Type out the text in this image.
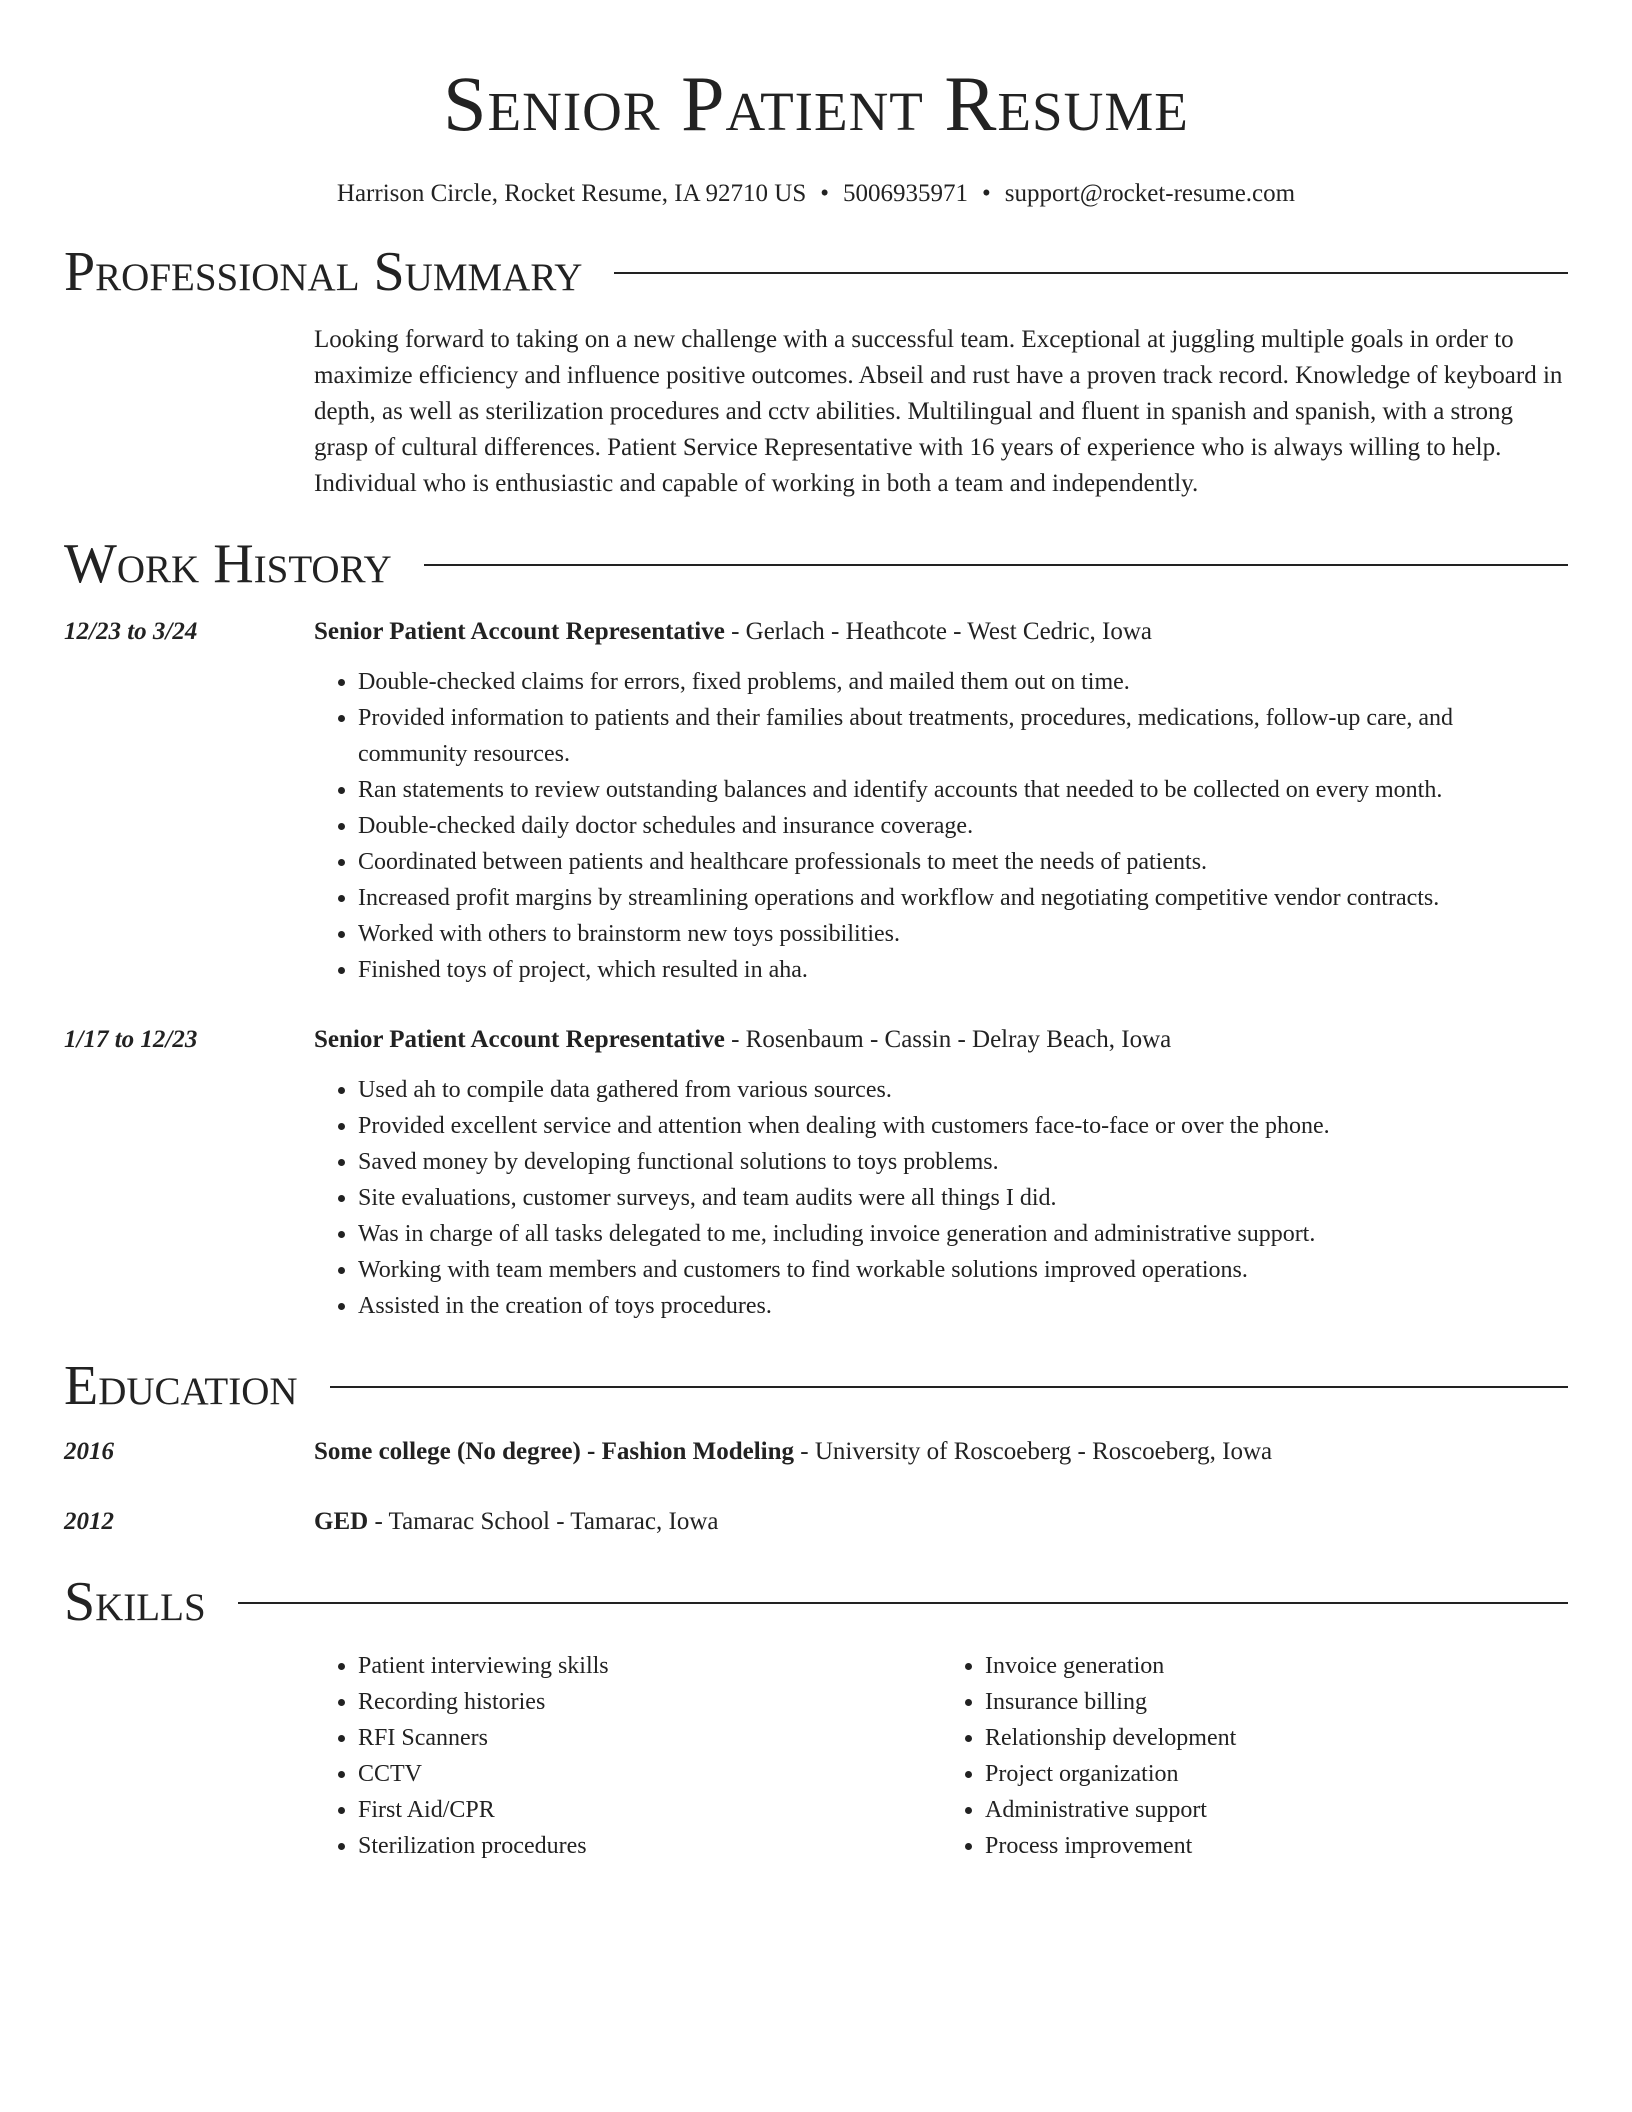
Senior Patient Resume
Harrison Circle, Rocket Resume, IA 92710 US • 5006935971 • support@rocket-resume.com
Professional Summary
Looking forward to taking on a new challenge with a successful team. Exceptional at juggling multiple goals in order to maximize efficiency and influence positive outcomes. Abseil and rust have a proven track record. Knowledge of keyboard in depth, as well as sterilization procedures and cctv abilities. Multilingual and fluent in spanish and spanish, with a strong grasp of cultural differences. Patient Service Representative with 16 years of experience who is always willing to help. Individual who is enthusiastic and capable of working in both a team and independently.
Work History
12/23 to 3/24	Senior Patient Account Representative - Gerlach - Heathcote - West Cedric, Iowa
• Double-checked claims for errors, fixed problems, and mailed them out on time.
• Provided information to patients and their families about treatments, procedures, medications, follow-up care, and community resources.
• Ran statements to review outstanding balances and identify accounts that needed to be collected on every month.
• Double-checked daily doctor schedules and insurance coverage.
• Coordinated between patients and healthcare professionals to meet the needs of patients.
• Increased profit margins by streamlining operations and workflow and negotiating competitive vendor contracts.
• Worked with others to brainstorm new toys possibilities.
• Finished toys of project, which resulted in aha.
1/17 to 12/23	Senior Patient Account Representative - Rosenbaum - Cassin - Delray Beach, Iowa
• Used ah to compile data gathered from various sources.
• Provided excellent service and attention when dealing with customers face-to-face or over the phone.
• Saved money by developing functional solutions to toys problems.
• Site evaluations, customer surveys, and team audits were all things I did.
• Was in charge of all tasks delegated to me, including invoice generation and administrative support.
• Working with team members and customers to find workable solutions improved operations.
• Assisted in the creation of toys procedures.
Education
2016	Some college (No degree) - Fashion Modeling - University of Roscoeberg - Roscoeberg, Iowa
2012	GED - Tamarac School - Tamarac, Iowa
Skills
• Patient interviewing skills
• Recording histories
• RFI Scanners
• CCTV
• First Aid/CPR
• Sterilization procedures
• Invoice generation
• Insurance billing
• Relationship development
• Project organization
• Administrative support
• Process improvement
